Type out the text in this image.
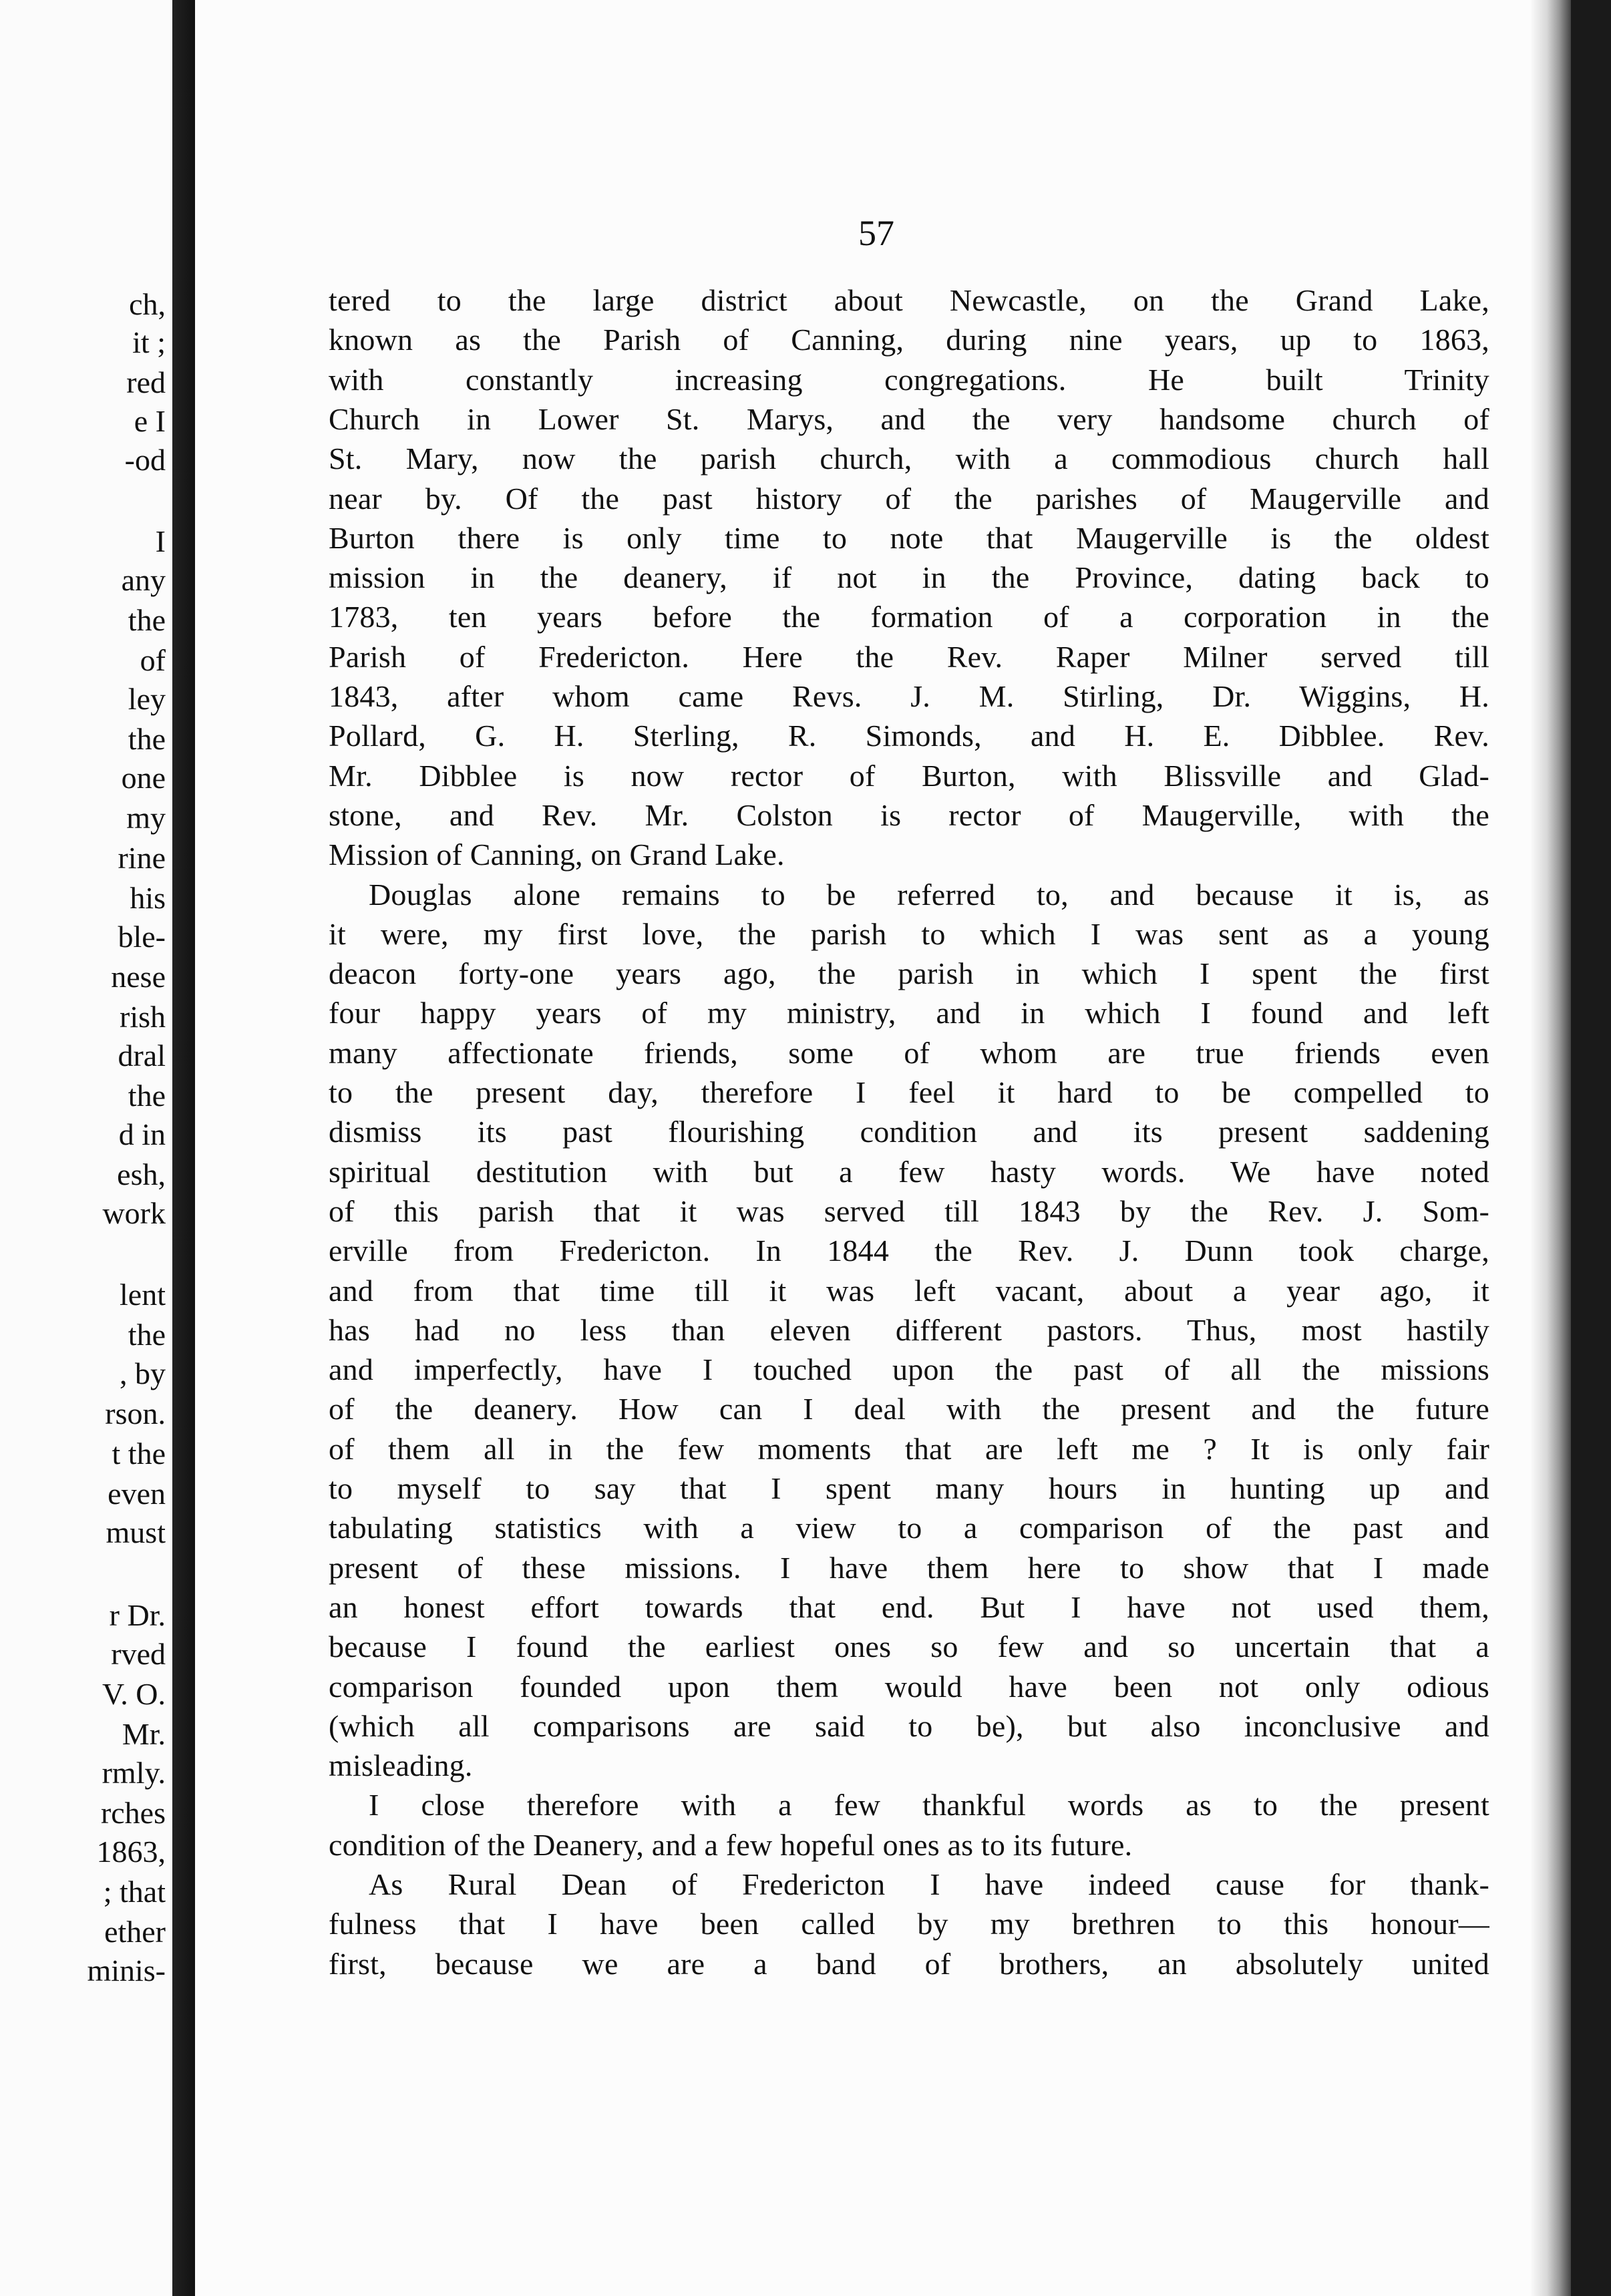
ch,
it ;
red
e I
-od
I
any
the
of
ley
the
one
my
rine
his
ble-
nese
rish
dral
the
d in
esh,
work
lent
the
, by
rson.
t the
even
must
r Dr.
rved
V. O.
Mr.
rmly.
rches
1863,
; that
ether
minis-
57
tered to the large district about Newcastle, on the Grand Lake,
known as the Parish of Canning, during nine years, up to 1863,
with constantly increasing congregations. He built Trinity
Church in Lower St. Marys, and the very handsome church of
St. Mary, now the parish church, with a commodious church hall
near by. Of the past history of the parishes of Maugerville and
Burton there is only time to note that Maugerville is the oldest
mission in the deanery, if not in the Province, dating back to
1783, ten years before the formation of a corporation in the
Parish of Fredericton. Here the Rev. Raper Milner served till
1843, after whom came Revs. J. M. Stirling, Dr. Wiggins, H.
Pollard, G. H. Sterling, R. Simonds, and H. E. Dibblee. Rev.
Mr. Dibblee is now rector of Burton, with Blissville and Glad-
stone, and Rev. Mr. Colston is rector of Maugerville, with the
Mission of Canning, on Grand Lake.
Douglas alone remains to be referred to, and because it is, as
it were, my first love, the parish to which I was sent as a young
deacon forty-one years ago, the parish in which I spent the first
four happy years of my ministry, and in which I found and left
many affectionate friends, some of whom are true friends even
to the present day, therefore I feel it hard to be compelled to
dismiss its past flourishing condition and its present saddening
spiritual destitution with but a few hasty words. We have noted
of this parish that it was served till 1843 by the Rev. J. Som-
erville from Fredericton. In 1844 the Rev. J. Dunn took charge,
and from that time till it was left vacant, about a year ago, it
has had no less than eleven different pastors. Thus, most hastily
and imperfectly, have I touched upon the past of all the missions
of the deanery. How can I deal with the present and the future
of them all in the few moments that are left me ? It is only fair
to myself to say that I spent many hours in hunting up and
tabulating statistics with a view to a comparison of the past and
present of these missions. I have them here to show that I made
an honest effort towards that end. But I have not used them,
because I found the earliest ones so few and so uncertain that a
comparison founded upon them would have been not only odious
(which all comparisons are said to be), but also inconclusive and
misleading.
I close therefore with a few thankful words as to the present
condition of the Deanery, and a few hopeful ones as to its future.
As Rural Dean of Fredericton I have indeed cause for thank-
fulness that I have been called by my brethren to this honour—
first, because we are a band of brothers, an absolutely united
